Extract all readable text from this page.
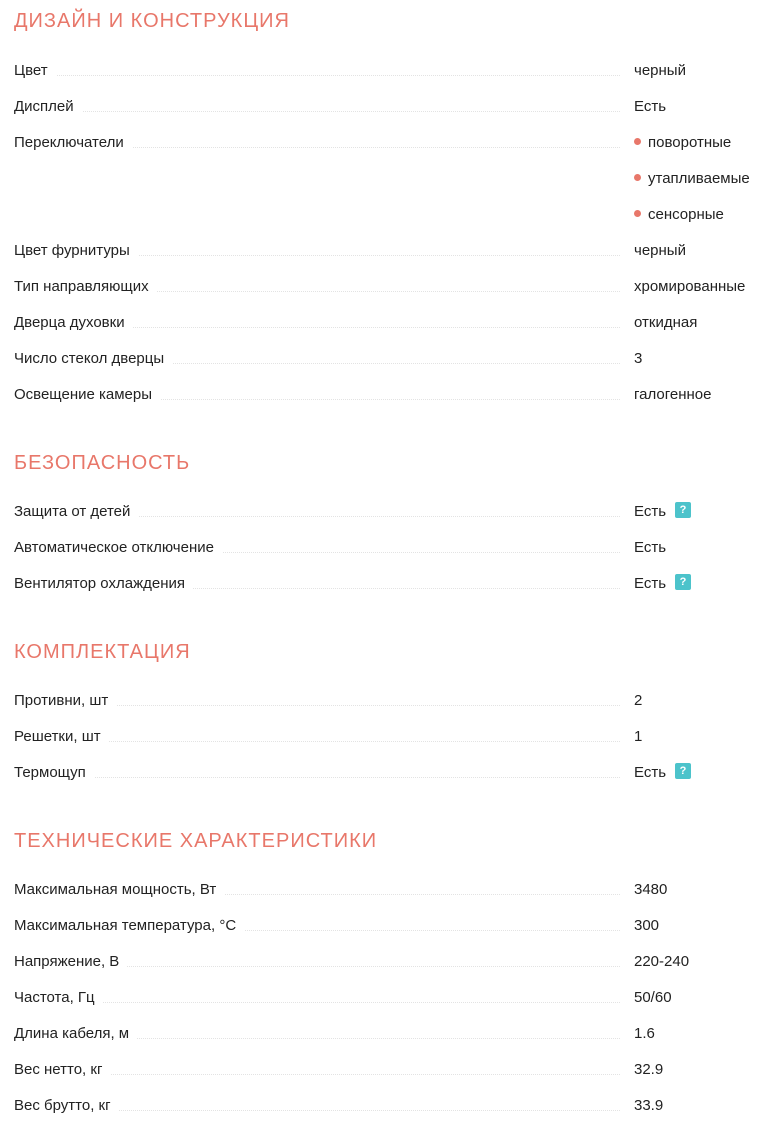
ДИЗАЙН И КОНСТРУКЦИЯ
Цвет	черный
Дисплей	Есть
Переключатели	поворотные
утапливаемые
сенсорные
Цвет фурнитуры	черный
Тип направляющих	хромированные
Дверца духовки	откидная
Число стекол дверцы	3
Освещение камеры	галогенное
БЕЗОПАСНОСТЬ
Защита от детей	Есть ?
Автоматическое отключение	Есть
Вентилятор охлаждения	Есть ?
КОМПЛЕКТАЦИЯ
Противни, шт	2
Решетки, шт	1
Термощуп	Есть ?
ТЕХНИЧЕСКИЕ ХАРАКТЕРИСТИКИ
Максимальная мощность, Вт	3480
Максимальная температура, °C	300
Напряжение, В	220-240
Частота, Гц	50/60
Длина кабеля, м	1.6
Вес нетто, кг	32.9
Вес брутто, кг	33.9
